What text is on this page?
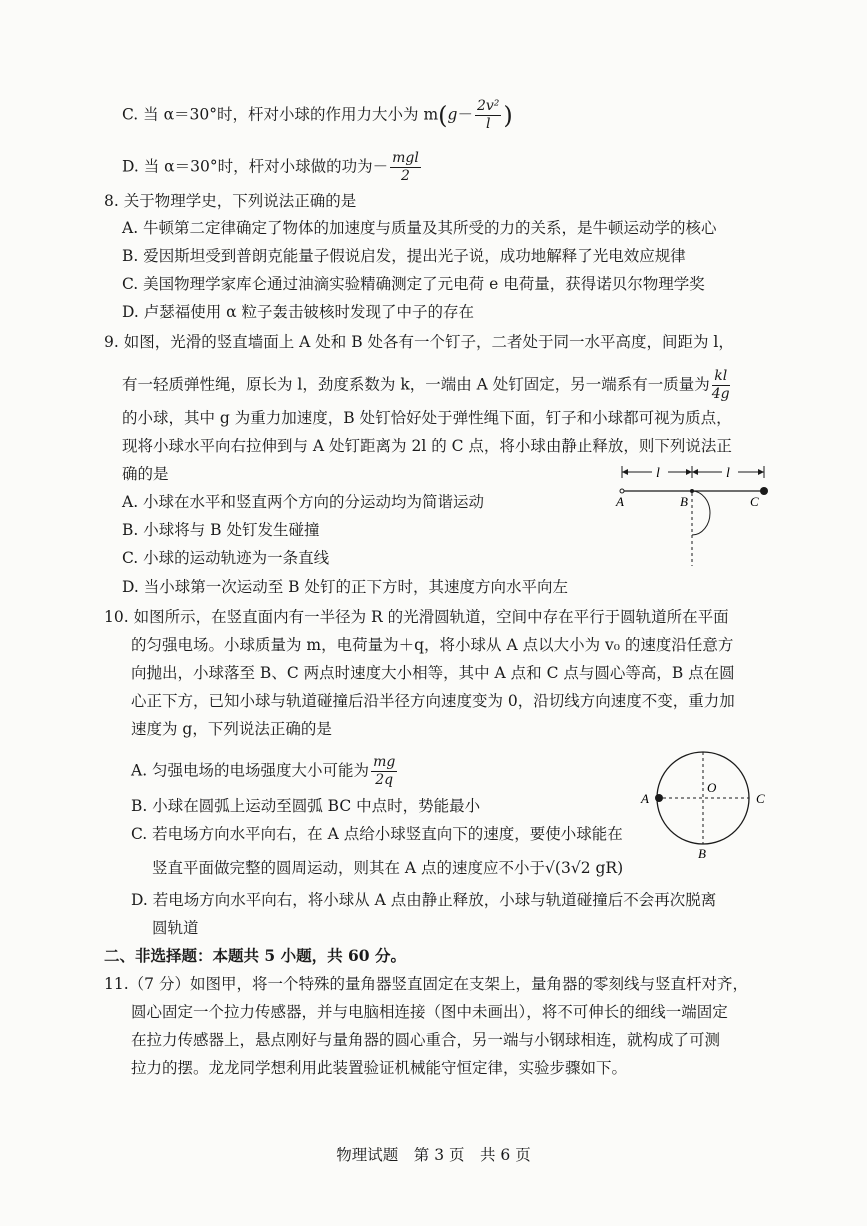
C. 当 α＝30°时，杆对小球的作用力大小为 $m(g- \frac{\text{2v²}}{l}$ )
D. 当 α＝30°时，杆对小球做的功为－ $\frac{\text{mgl}}{2}$
8. 关于物理学史，下列说法正确的是
A. 牛顿第二定律确定了物体的加速度与质量及其所受的力的关系，是牛顿运动学的核心
B. 爱因斯坦受到普朗克能量子假说启发，提出光子说，成功地解释了光电效应规律
C. 美国物理学家库仑通过油滴实验精确测定了元电荷 e 电荷量，获得诺贝尔物理学奖
D. 卢瑟福使用 α 粒子轰击铍核时发现了中子的存在
9. 如图，光滑的竖直墙面上 A 处和 B 处各有一个钉子，二者处于同一水平高度，间距为 l，
有一轻质弹性绳，原长为 l，劲度系数为 k，一端由 A 处钉固定，另一端系有一质量为 $\frac{kl}{4g}$
的小球，其中 g 为重力加速度，B 处钉恰好处于弹性绳下面，钉子和小球都可视为质点，
现将小球水平向右拉伸到与 A 处钉距离为 2l 的 C 点，将小球由静止释放，则下列说法正
确的是
A. 小球在水平和竖直两个方向的分运动均为简谐运动
B. 小球将与 B 处钉发生碰撞
C. 小球的运动轨迹为一条直线
D. 当小球第一次运动至 B 处钉的正下方时，其速度方向水平向左
l	l
A	B	C
10. 如图所示，在竖直面内有一半径为 R 的光滑圆轨道，空间中存在平行于圆轨道所在平面
的匀强电场。小球质量为 m，电荷量为＋q，将小球从 A 点以大小为 v₀ 的速度沿任意方
向抛出，小球落至 B、C 两点时速度大小相等，其中 A 点和 C 点与圆心等高，B 点在圆
心正下方，已知小球与轨道碰撞后沿半径方向速度变为 0，沿切线方向速度不变，重力加
速度为 g，下列说法正确的是
A. 匀强电场的电场强度大小可能为 $\frac{mg}{2q}$
B. 小球在圆弧上运动至圆弧 BC 中点时，势能最小
C. 若电场方向水平向右，在 A 点给小球竖直向下的速度，要使小球能在
竖直平面做完整的圆周运动，则其在 A 点的速度应不小于√(3√2 gR)
D. 若电场方向水平向右，将小球从 A 点由静止释放，小球与轨道碰撞后不会再次脱离
圆轨道
A	C
O
B
二、非选择题：本题共 5 小题，共 60 分。
11.（7 分）如图甲，将一个特殊的量角器竖直固定在支架上，量角器的零刻线与竖直杆对齐，
圆心固定一个拉力传感器，并与电脑相连接（图中未画出），将不可伸长的细线一端固定
在拉力传感器上，悬点刚好与量角器的圆心重合，另一端与小钢球相连，就构成了可测
拉力的摆。龙龙同学想利用此装置验证机械能守恒定律，实验步骤如下。
物理试题　第 3 页　共 6 页
